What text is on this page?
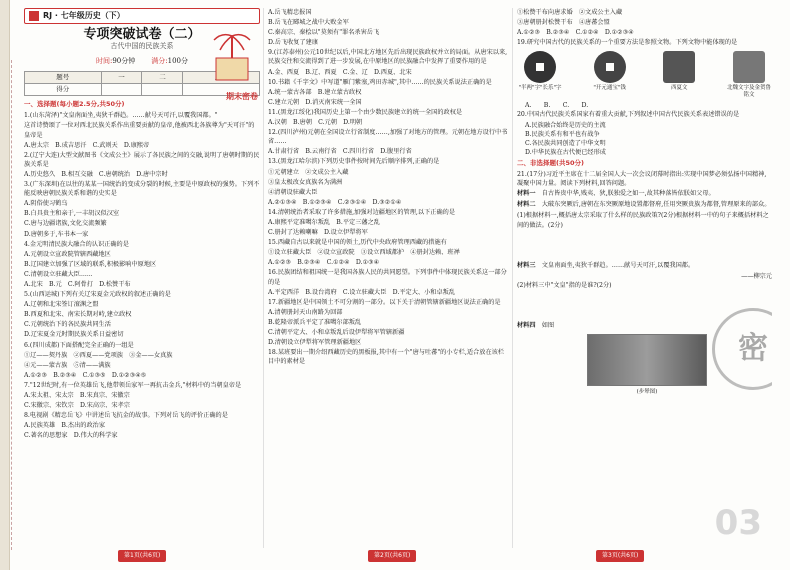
RJ · 七年级历史（下）
期末密卷
专项突破试卷（二）
古代中国的民族关系
时间:90分钟 满分:100分
题号	一	二	
得分			
一、选择题(每小题2.5分,共50分)
1.(山东菏泽)"文皇南面坐,夷狄千群趋。……献号天可汗,以覆我国都。"
这首诗赞颂了一位对西北民族关系作出重要贡献的皇帝,他被西北各族尊为"天可汗"的皇帝是
A.唐太宗　B.成吉思汗　C.武则天　D.康熙帝
2.(辽宁大连)大型文献图书《文成公主》展示了各民族之间的交融,说明了唐朝时期的民族关系是
A.历史悠久　B.相互交融　C.唐朝统治　D.唐中宗时
3.(广东深圳)在以往的某某一国统治的变成分裂的时候,主要是中原政权的强势。下列不能反映唐朝民族关系和谐的史实是
A.阴俗使习鹤乌
B.白具贵主和亲于,一丰胡汉似汉室
C.唐与边疆诸族,文化交流频繁
D.唐朝多于,车书本一家
4.金元明清民族大融合的认识正确的是
A.元朝设立宣政院管辖西藏地区
B.辽国建立加强了区域的联系,积极影响中原地区
C.清朝设立驻藏大臣……
A.北宋　B.元　C.阿骨打　D.松赞干布
5.(山西运城)下列有关辽宋夏金元政权的叙述正确的是
A.辽朝和北宋签订澶渊之盟
B.西夏和北宋、南宋长期对峙,建立政权
C.元朝统治下的各民族共同生活
D.辽宋夏金元时期民族关系日益密切
6.(四川成都)下面搭配完全正确的一组是
①辽——契丹族　②西夏——党项族　③金——女真族
④元——蒙古族　⑤清——满族
A.①②③　B.②③④　C.①③⑤　D.①②③④⑤
7."12世纪时,有一位英雄岳飞,他带领岳家军一再抗击金兵,"材料中的当朝皇帝是
A.宋太祖、宋太宗　B.宋真宗、宋徽宗
C.宋徽宗、宋钦宗　D.宋高宗、宋孝宗
8.电视剧《精忠岳飞》中讲述岳飞抗金的故事。下列对岳飞的评价正确的是
A.民族英雄　B.杰出的政治家
C.著名的思想家　D.伟大的科学家
A.岳飞精忠报国
B.岳飞在郾城之战中大败金军
C.秦高宗、秦桧以"莫须有"罪名杀害岳飞
D.岳飞收复了建康
9.(江苏泰州)公元10世纪以后,中国北方地区先后出现民族政权并立的局面。从唐宋以来,民族交往和交流得到了进一步发展,在中原地区的民族融合中发挥了重要作用的是
A.金、西夏　B.辽、西夏　C.金、辽　D.西夏、北宋
10.书籍《千字文》中写道"雁门紫塞,鸡田赤城",其中……的民族关系说法正确的是
A.统一蒙古各部　B.建立蒙古政权
C.建立元朝　D.消灭南宋统一全国
11.(黑龙江绥化)我国历史上第一个由少数民族建立的统一全国的政权是
A.汉朝　B.唐朝　C.元朝　D.明朝
12.(四川泸州)元朝在全国设立行省制度……,加强了对地方的管理。元朝在地方设行中书省……
A.甘肃行省　B.云南行省　C.四川行省　D.腹里行省
13.(黑龙江哈尔滨)下列历史事件按时间先后顺序排列,正确的是
①元朝建立　②文成公主入藏
③皇太极改女真族名为满洲
④清朝设驻藏大臣
A.②①③④　B.①②③④　C.②③①④　D.③②①④
14.清朝统治者采取了许多措施,加强对边疆地区的管理,以下正确的是
A.康熙平定准噶尔叛乱　B.平定三藩之乱
C.册封了达赖喇嘛　D.设立伊犁将军
15.西藏自古以来就是中国的领土,历代中央政府管理西藏的措施有
①设立驻藏大臣　②设立宣政院　③设立西域都护　④册封达赖、班禅
A.①②③　B.②③④　C.①②④　D.①③④
16.民族团结和祖国统一是我国各族人民的共同愿望。下列事件中体现民族关系这一部分的是
A.平定西洋　B.设台湾府　C.设立驻藏大臣　D.平定大、小和卓叛乱
17.新疆地区是中国领土不可分割的一部分。以下关于清朝管辖新疆地区说法正确的是
A.清朝册封天山南路为回部
B.乾隆帝派兵平定了准噶尔部叛乱
C.清朝平定大、小和卓叛乱后设伊犁将军管辖新疆
D.清朝设立伊犁将军管理新疆地区
18.某班要出一期介绍西藏历史的黑板报,其中有一个"唐与吐蕃"的小专栏,适合放在该栏目中的素材是
①松赞干布向唐求婚　②文成公主入藏
③唐朝册封松赞干布　④唐蕃会盟
A.①②③　B.②③④　C.①②④　D.①②③④
19.研究中国古代的民族关系的一个重要方法是参照文物。下列文物中能体现的是
"半两"字"长乐"字	"开元通宝"钱	西夏文	北魏文字及金贺鲁铭文
A.　　B.　　C.　　D.
20.中国古代民族关系国家有着重大贡献,下列叙述中国古代民族关系表述错误的是
A.民族融合始终是历史的主流
B.民族关系有和平也有战争
C.各民族共同创造了中华文明
D.中华民族在古代便已经形成
二、非选择题(共50分)
21.(17分)习近平主席在十二届全国人大一次会议闭幕时指出:实现中国梦必须弘扬中国精神,凝聚中国力量。阅读下列材料,回答问题。
材料一　 自古皆贵中华,贱夷、狄,朕独爱之如一,故其种落皆依朕如父母。
材料二　 大破东突厥后,唐朝在东突厥原地设置都督府,任用突厥贵族为都督,管理原来的部众。
(1)根据材料一,概括唐太宗采取了什么样的民族政策?(2分)根据材料一中的句子来概括材料之间的做法。(2分)
材料三　 文皇南面坐,夷狄千群趋。……献号天可汗,以覆我国都。
——柳宗元
(2)材料三中"文皇"指的是谁?(2分)
材料四　 如图
(步辇图)
密
03
第1页(共6页)	第2页(共6页)	第3页(共6页)
